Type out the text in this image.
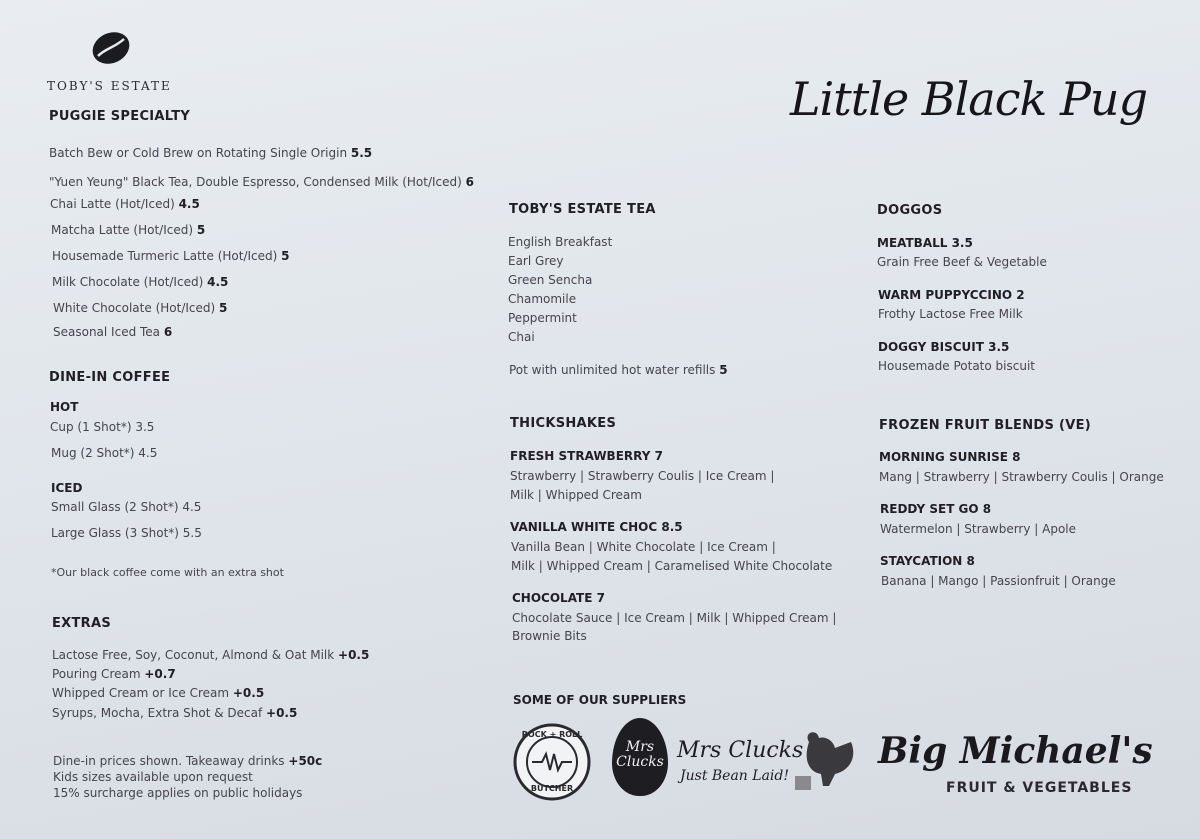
TOBY'S ESTATE	Little Black Pug
PUGGIE SPECIALTY
Batch Bew or Cold Brew on Rotating Single Origin 5.5
"Yuen Yeung" Black Tea, Double Espresso, Condensed Milk (Hot/Iced) 6
Chai Latte (Hot/Iced) 4.5
Matcha Latte (Hot/Iced) 5
Housemade Turmeric Latte (Hot/Iced) 5
Milk Chocolate (Hot/Iced) 4.5
White Chocolate (Hot/Iced) 5
Seasonal Iced Tea 6
DINE-IN COFFEE
HOT
Cup (1 Shot*) 3.5
Mug (2 Shot*) 4.5
ICED
Small Glass (2 Shot*) 4.5
Large Glass (3 Shot*) 5.5
*Our black coffee come with an extra shot
EXTRAS
Lactose Free, Soy, Coconut, Almond & Oat Milk +0.5
Pouring Cream +0.7
Whipped Cream or Ice Cream +0.5
Syrups, Mocha, Extra Shot & Decaf +0.5
Dine-in prices shown. Takeaway drinks +50c
Kids sizes available upon request
15% surcharge applies on public holidays
TOBY'S ESTATE TEA
English Breakfast
Earl Grey
Green Sencha
Chamomile
Peppermint
Chai
Pot with unlimited hot water refills 5
THICKSHAKES
FRESH STRAWBERRY 7
Strawberry | Strawberry Coulis | Ice Cream |
Milk | Whipped Cream
VANILLA WHITE CHOC 8.5
Vanilla Bean | White Chocolate | Ice Cream |
Milk | Whipped Cream | Caramelised White Chocolate
CHOCOLATE 7
Chocolate Sauce | Ice Cream | Milk | Whipped Cream |
Brownie Bits
DOGGOS
MEATBALL 3.5
Grain Free Beef & Vegetable
WARM PUPPYCCINO 2
Frothy Lactose Free Milk
DOGGY BISCUIT 3.5
Housemade Potato biscuit
FROZEN FRUIT BLENDS (VE)
MORNING SUNRISE 8
Mang | Strawberry | Strawberry Coulis | Orange
REDDY SET GO 8
Watermelon | Strawberry | Apole
STAYCATION 8
Banana | Mango | Passionfruit | Orange
SOME OF OUR SUPPLIERS
ROCK + ROLL
BUTCHER
Mrs
Clucks Mrs Clucks
Just Bean Laid!
Big Michael's
FRUIT & VEGETABLES
